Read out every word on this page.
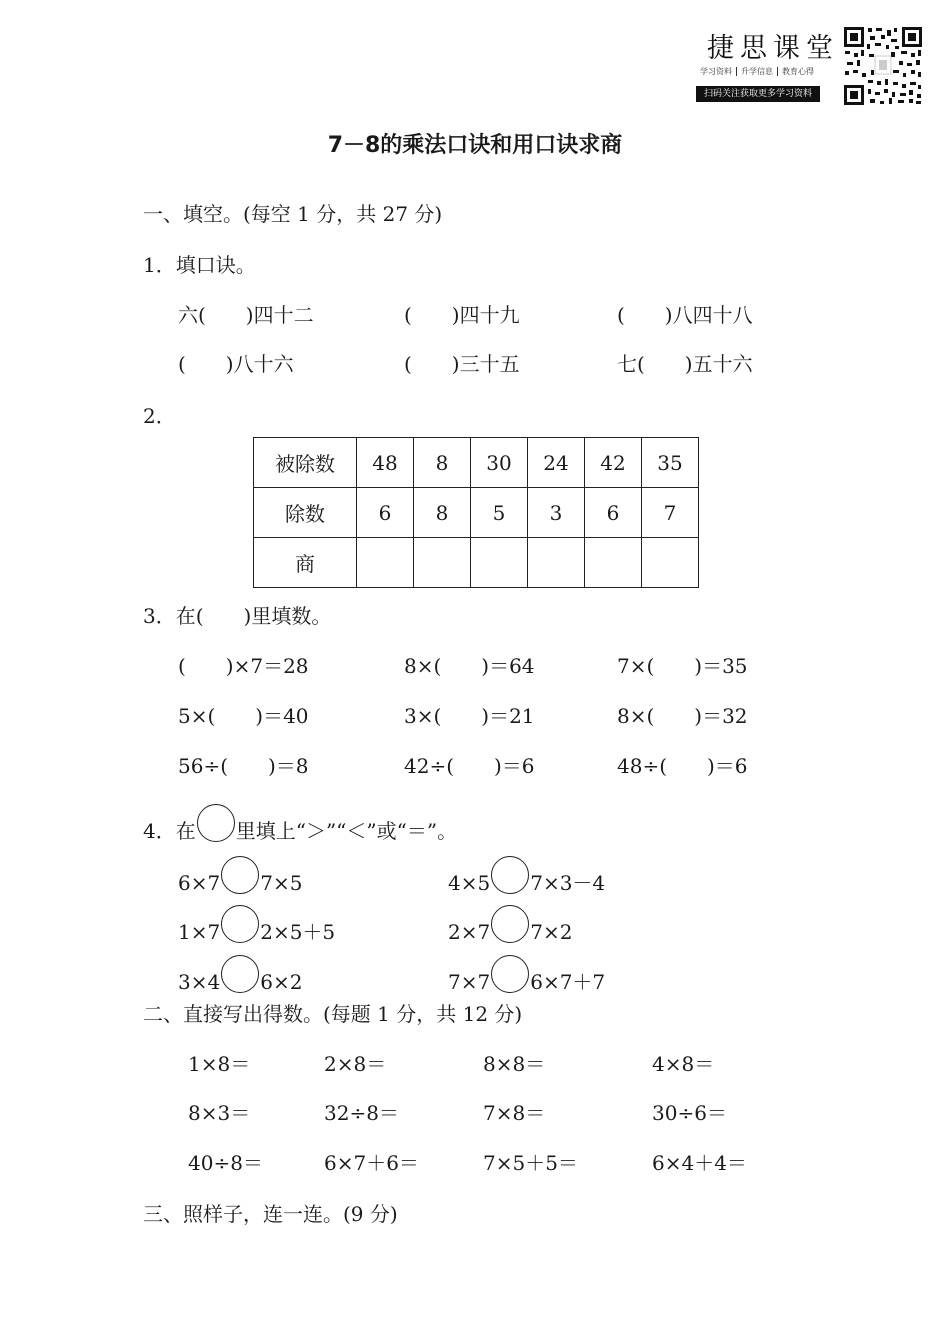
捷思课堂
学习资料 升学信息 教育心得
扫码关注获取更多学习资料
7－8的乘法口诀和用口诀求商
一、填空。(每空 1 分，共 27 分)
1．填口诀。
六(　　)四十二	(　　)四十九	(　　)八四十八
(　　)八十六	(　　)三十五	七(　　)五十六
2．
被除数	48	8	30	24	42	35
除数	6	8	5	3	6	7
商						
3．在(　　)里填数。
(　　)×7＝28	8×(　　)＝64	7×(　　)＝35
5×(　　)＝40	3×(　　)＝21	8×(　　)＝32
56÷(　　)＝8	42÷(　　)＝6	48÷(　　)＝6
4．在 里填上“＞”“＜”或“＝”。
6×7 7×5	4×5 7×3－4
1×7 2×5＋5	2×7 7×2
3×4 6×2	7×7 6×7＋7
二、直接写出得数。(每题 1 分，共 12 分)
1×8＝	2×8＝	8×8＝	4×8＝
8×3＝	32÷8＝	7×8＝	30÷6＝
40÷8＝	6×7＋6＝	7×5＋5＝	6×4＋4＝
三、照样子，连一连。(9 分)
